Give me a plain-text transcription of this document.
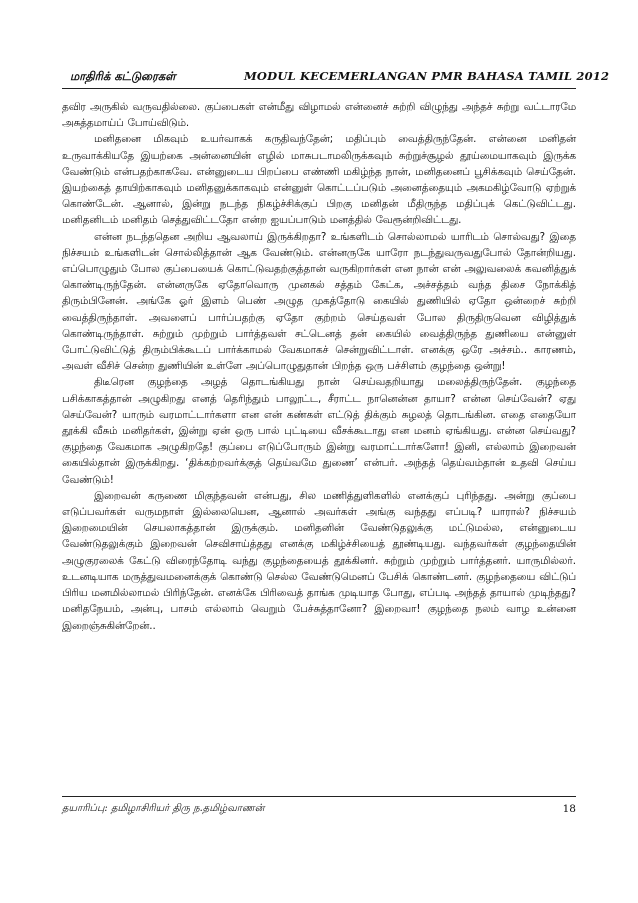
மாதிரிக் கட்டுரைகள்	MODUL KECEMERLANGAN PMR BAHASA TAMIL 2012

தவிர அருகில் வருவதில்லை. குப்பைகள் என்மீது விழாமல் என்னைச் சுற்றி விழுந்து அந்தச் சுற்று வட்டாரமே அசுத்தமாய்ப் போய்விடும்.

மனிதனை மிகவும் உயர்வாகக் கருதிவந்தேன்; மதிப்பும் வைத்திருந்தேன். என்னை மனிதன் உருவாக்கியதே இயற்கை அன்னையின் எழில் மாசுபடாமலிருக்கவும் சுற்றுச்சூழல் தூய்மையாகவும் இருக்க வேண்டும் என்பதற்காகவே. என்னுடைய பிறப்பை எண்ணி மகிழ்ந்த நான், மனிதனைப் பூசிக்கவும் செய்தேன். இயற்கைத் தாயிற்காகவும் மனிதனுக்காகவும் என்னுள் கொட்டப்படும் அனைத்தையும் அகமகிழ்வோடு ஏற்றுக் கொண்டேன். ஆனால், இன்று நடந்த நிகழ்ச்சிக்குப் பிறகு மனிதன் மீதிருந்த மதிப்புக் கெட்டுவிட்டது. மனிதனிடம் மனிதம் செத்துவிட்டதோ என்ற ஐயப்பாடும் மனத்தில் வேரூன்றிவிட்டது.

என்ன நடந்ததென அறிய ஆவலாய் இருக்கிறதா? உங்களிடம் சொல்லாமல் யாரிடம் சொல்வது? இதை நிச்சயம் உங்களிடன் சொல்லித்தான் ஆக வேண்டும். என்னருகே யாரோ நடந்துவருவதுபோல் தோன்றியது. எப்பொழுதும் போல குப்பையைக் கொட்டுவதற்குத்தான் வருகிறார்கள் என நான் என் அலுவலைக் கவனித்துக் கொண்டிருந்தேன். என்னருகே ஏதோவொரு முனகல் சத்தம் கேட்க, அச்சத்தம் வந்த திசை நோக்கித் திரும்பினேன். அங்கே ஓர் இளம் பெண் அழுத முகத்தோடு கையில் துணியில் ஏதோ ஒன்றைச் சுற்றி வைத்திருந்தாள். அவளைப் பார்ப்பதற்கு ஏதோ குற்றம் செய்தவள் போல திருதிருவென விழித்துக் கொண்டிருந்தாள். சுற்றும் முற்றும் பார்த்தவள் சட்டெனத் தன் கையில் வைத்திருந்த துணியை என்னுள் போட்டுவிட்டுத் திரும்பிக்கூடப் பார்க்காமல் வேகமாகச் சென்றுவிட்டாள். எனக்கு ஒரே அச்சம்.. காரணம், அவள் வீசிச் சென்ற துணியின் உள்ளே அப்பொழுதுதான் பிறந்த ஒரு பச்சிளம் குழந்தை ஒன்று!

திடீரென குழந்தை அழத் தொடங்கியது நான் செய்வதறியாது மலைத்திருந்தேன். குழந்தை பசிக்காகத்தான் அழுகிறது எனத் தெரிந்தும் பாலூட்ட, சீராட்ட நானென்ன தாயா? என்ன செய்வேன்? ஏது செய்வேன்? யாரும் வரமாட்டார்களா என என் கண்கள் எட்டுத் திக்கும் சுழலத் தொடங்கின. எதை எதையோ தூக்கி வீசும் மனிதர்கள், இன்று ஏன் ஒரு பால் புட்டியை வீசக்கூடாது என மனம் ஏங்கியது. என்ன செய்வது? குழந்தை வேகமாக அழுகிறதே! குப்பை எடுப்போரும் இன்று வரமாட்டார்களோ! இனி, எல்லாம் இறைவன் கையில்தான் இருக்கிறது. ‘திக்கற்றவர்க்குத் தெய்வமே துணை’ என்பர். அந்தத் தெய்வம்தான் உதவி செய்ய வேண்டும்!

இறைவன் கருணை மிகுந்தவன் என்பது, சில மணித்துளிகளில் எனக்குப் புரிந்தது. அன்று குப்பை எடுப்பவர்கள் வருமநாள் இல்லையென, ஆனால் அவர்கள் அங்கு வந்தது எப்படி? யாரால்? நிச்சயம் இறைமையின் செயலாகத்தான் இருக்கும். மனிதனின் வேண்டுதலுக்கு மட்டுமல்ல, என்னுடைய வேண்டுதலுக்கும் இறைவன் செவிசாய்த்தது எனக்கு மகிழ்ச்சியைத் தூண்டியது. வந்தவர்கள் குழந்தையின் அழுகுரலைக் கேட்டு விரைந்தோடி வந்து குழந்தையைத் தூக்கினர். சுற்றும் முற்றும் பார்த்தனர். யாருமில்லர். உடனடியாக மருத்துவமனைக்குக் கொண்டு செல்ல வேண்டுமெனப் பேசிக் கொண்டனர். குழந்தையை விட்டுப் பிரிய மனமில்லாமல் பிரிந்தேன். எனக்கே பிரிவைத் தாங்க முடியாத போது, எப்படி அந்தத் தாயால் முடிந்தது? மனிதநேயம், அன்பு, பாசம் எல்லாம் வெறும் பேச்சுத்தானோ? இறைவா! குழந்தை நலம் வாழ உன்னை இறைஞ்சுகின்றேன்..

தயாரிப்பு: தமிழாசிரியர் திரு ந.தமிழ்வாணன்	18
